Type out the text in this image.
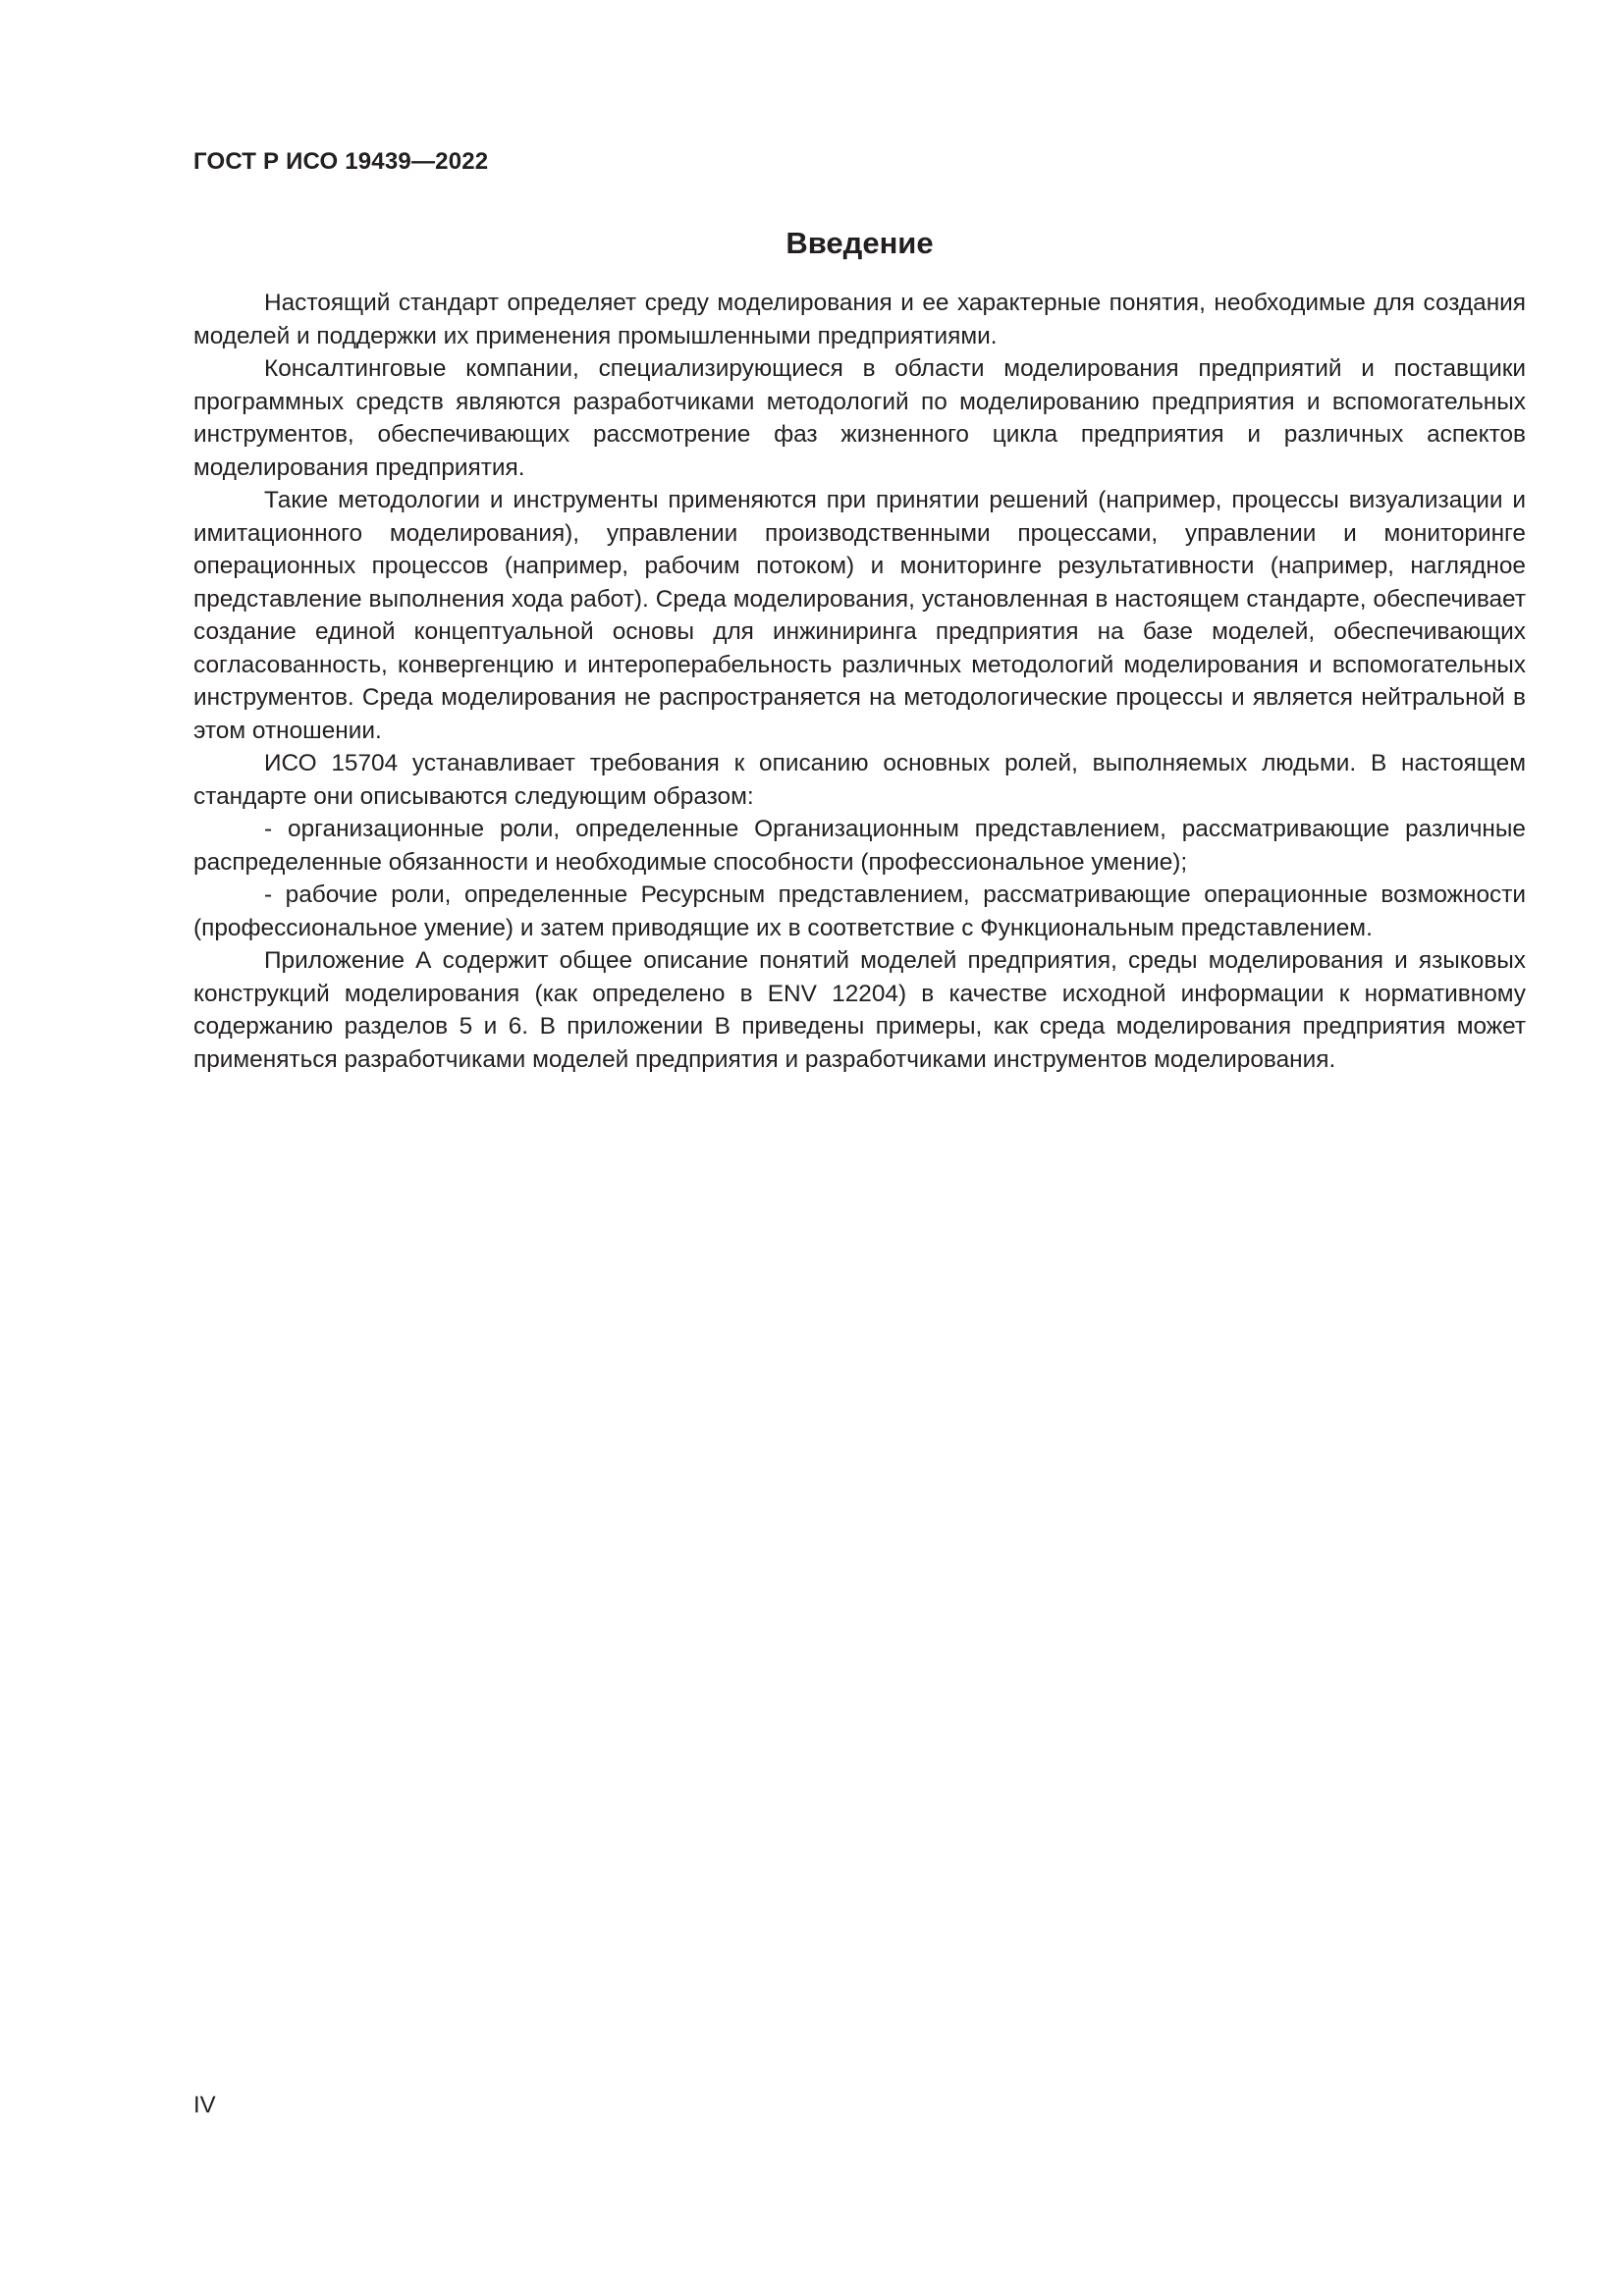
ГОСТ Р ИСО 19439—2022
Введение

Настоящий стандарт определяет среду моделирования и ее характерные понятия, необходимые для создания моделей и поддержки их применения промышленными предприятиями.

Консалтинговые компании, специализирующиеся в области моделирования предприятий и поставщики программных средств являются разработчиками методологий по моделированию предприятия и вспомогательных инструментов, обеспечивающих рассмотрение фаз жизненного цикла предприятия и различных аспектов моделирования предприятия.

Такие методологии и инструменты применяются при принятии решений (например, процессы визуализации и имитационного моделирования), управлении производственными процессами, управлении и мониторинге операционных процессов (например, рабочим потоком) и мониторинге результативности (например, наглядное представление выполнения хода работ). Среда моделирования, установленная в настоящем стандарте, обеспечивает создание единой концептуальной основы для инжиниринга предприятия на базе моделей, обеспечивающих согласованность, конвергенцию и интероперабельность различных методологий моделирования и вспомогательных инструментов. Среда моделирования не распространяется на методологические процессы и является нейтральной в этом отношении.

ИСО 15704 устанавливает требования к описанию основных ролей, выполняемых людьми. В настоящем стандарте они описываются следующим образом:

- организационные роли, определенные Организационным представлением, рассматривающие различные распределенные обязанности и необходимые способности (профессиональное умение);

- рабочие роли, определенные Ресурсным представлением, рассматривающие операционные возможности (профессиональное умение) и затем приводящие их в соответствие с Функциональным представлением.

Приложение А содержит общее описание понятий моделей предприятия, среды моделирования и языковых конструкций моделирования (как определено в ENV 12204) в качестве исходной информации к нормативному содержанию разделов 5 и 6. В приложении В приведены примеры, как среда моделирования предприятия может применяться разработчиками моделей предприятия и разработчиками инструментов моделирования.

IV
